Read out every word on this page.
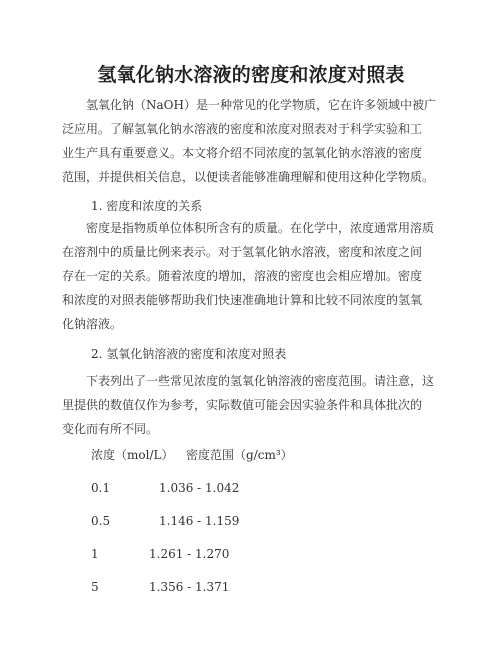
氢氧化钠水溶液的密度和浓度对照表
　　氢氧化钠（NaOH）是一种常见的化学物质，它在许多领域中被广
泛应用。了解氢氧化钠水溶液的密度和浓度对照表对于科学实验和工
业生产具有重要意义。本文将介绍不同浓度的氢氧化钠水溶液的密度
范围，并提供相关信息，以便读者能够准确理解和使用这种化学物质。
1. 密度和浓度的关系
　　密度是指物质单位体积所含有的质量。在化学中，浓度通常用溶质
在溶剂中的质量比例来表示。对于氢氧化钠水溶液，密度和浓度之间
存在一定的关系。随着浓度的增加，溶液的密度也会相应增加。密度
和浓度的对照表能够帮助我们快速准确地计算和比较不同浓度的氢氧
化钠溶液。
2. 氢氧化钠溶液的密度和浓度对照表
　　下表列出了一些常见浓度的氢氧化钠溶液的密度范围。请注意，这
里提供的数值仅作为参考，实际数值可能会因实验条件和具体批次的
变化而有所不同。
浓度（mol/L） 密度范围（g/cm³）
0.1	1.036 - 1.042
0.5	1.146 - 1.159
1	1.261 - 1.270
5	1.356 - 1.371
